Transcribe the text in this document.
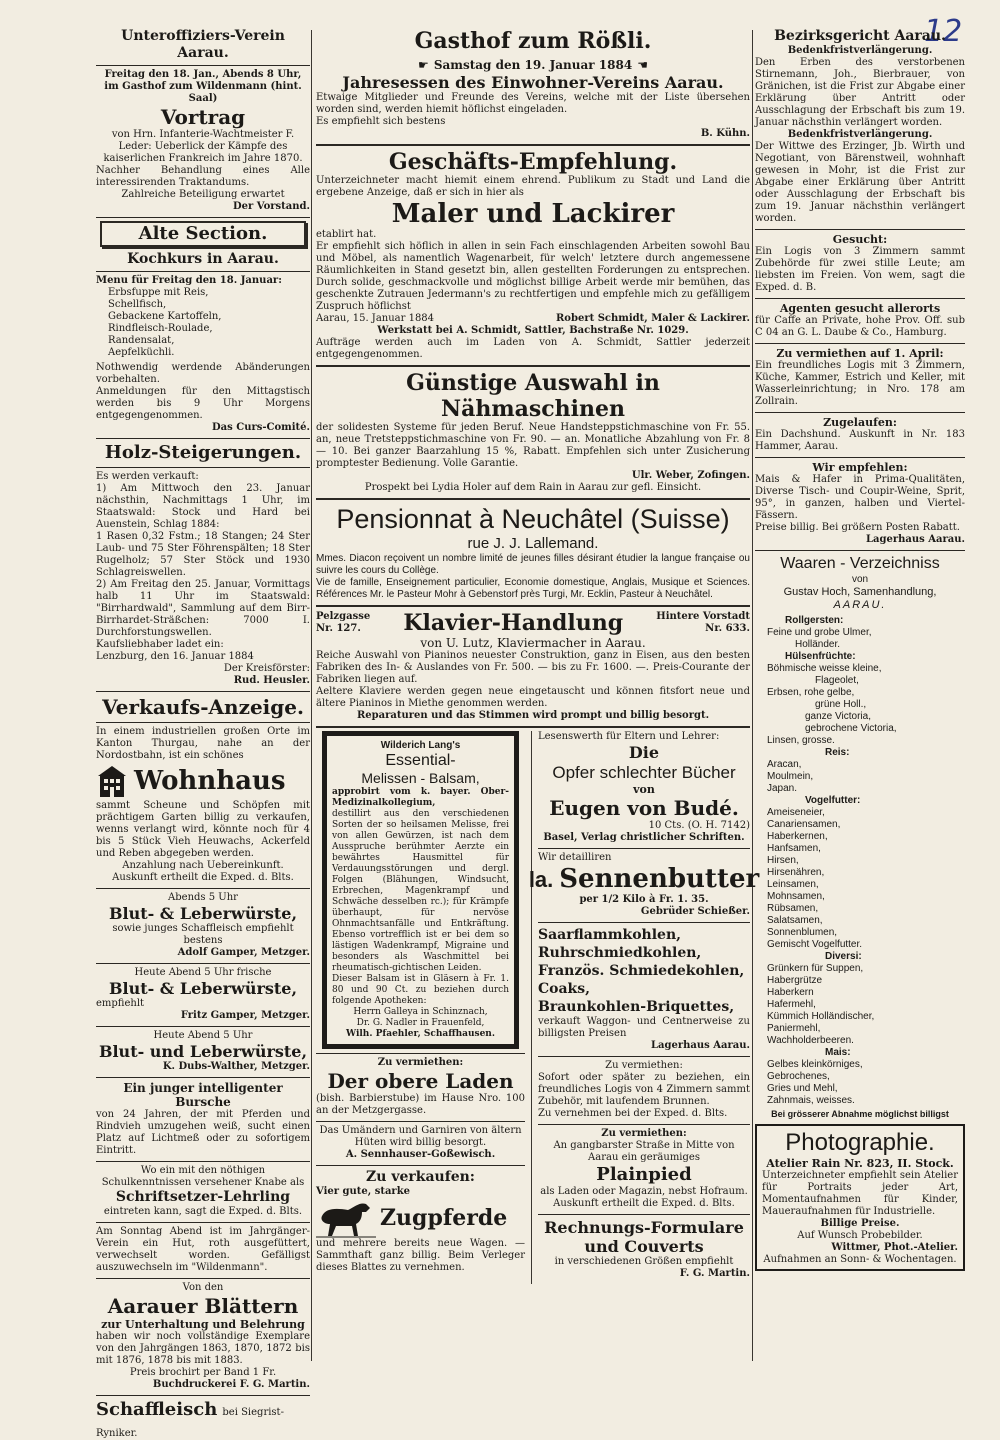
12
Unteroffiziers-Verein Aarau.
Freitag den 18. Jan., Abends 8 Uhr,
im Gasthof zum Wildenmann (hint. Saal)
Vortrag
von Hrn. Infanterie-Wachtmeister F. Leder: Ueberlick der Kämpfe des kaiserlichen Frankreich im Jahre 1870.
Nachher Behandlung eines Alle interessirenden Traktandums.
Zahlreiche Beteiligung erwartet
Der Vorstand.
Alte Section.
Kochkurs in Aarau.
Menu für Freitag den 18. Januar:
Erbsfuppe mit Reis,
Schellfisch,
Gebackene Kartoffeln,
Rindfleisch-Roulade,
Randensalat,
Aepfelküchli.
Nothwendig werdende Abänderungen vorbehalten.
Anmeldungen für den Mittagstisch werden bis 9 Uhr Morgens entgegengenommen.
Das Curs-Comité.
Holz-Steigerungen.
Es werden verkauft:
1) Am Mittwoch den 23. Januar nächsthin, Nachmittags 1 Uhr, im Staatswald: Stock und Hard bei Auenstein, Schlag 1884:
1 Rasen 0,32 Fstm.; 18 Stangen; 24 Ster Laub- und 75 Ster Föhrenspälten; 18 Ster Rugelholz; 57 Ster Stöck und 1930 Schlagreiswellen.
2) Am Freitag den 25. Januar, Vormittags halb 11 Uhr im Staatswald: "Birrhardwald", Sammlung auf dem Birr-Birrhardet-Sträßchen: 7000 I. Durchforstungswellen.
Kaufsliebhaber ladet ein:
Lenzburg, den 16. Januar 1884
Der Kreisförster:
Rud. Heusler.
Verkaufs-Anzeige.
In einem industriellen großen Orte im Kanton Thurgau, nahe an der Nordostbahn, ist ein schönes
Wohnhaus
sammt Scheune und Schöpfen mit prächtigem Garten billig zu verkaufen, wenns verlangt wird, könnte noch für 4 bis 5 Stück Vieh Heuwachs, Ackerfeld und Reben abgegeben werden.
Anzahlung nach Uebereinkunft.
Auskunft ertheilt die Exped. d. Blts.
Abends 5 Uhr
Blut- & Leberwürste,
sowie junges Schaffleisch empfiehlt bestens
Adolf Gamper, Metzger.
Heute Abend 5 Uhr frische
Blut- & Leberwürste,
empfiehlt
Fritz Gamper, Metzger.
Heute Abend 5 Uhr
Blut- und Leberwürste,
K. Dubs-Walther, Metzger.
Ein junger intelligenter Bursche
von 24 Jahren, der mit Pferden und Rindvieh umzugehen weiß, sucht einen Platz auf Lichtmeß oder zu sofortigem Eintritt.
Wo ein mit den nöthigen Schulkenntnissen versehener Knabe als
Schriftsetzer-Lehrling
eintreten kann, sagt die Exped. d. Blts.
Am Sonntag Abend ist im Jahrgänger-Verein ein Hut, roth ausgefüttert, verwechselt worden. Gefälligst auszuwechseln im "Wildenmann".
Von den
Aarauer Blättern
zur Unterhaltung und Belehrung
haben wir noch vollständige Exemplare von den Jahrgängen 1863, 1870, 1872 bis mit 1876, 1878 bis mit 1883.
Preis brochirt per Band 1 Fr.
Buchdruckerei F. G. Martin.
Schaffleisch bei Siegrist-Ryniker.
Gasthof zum Rößli.
☛ Samstag den 19. Januar 1884 ☚
Jahresessen des Einwohner-Vereins Aarau.
Etwaige Mitglieder und Freunde des Vereins, welche mit der Liste übersehen worden sind, werden hiemit höflichst eingeladen.
Es empfiehlt sich bestens
B. Kühn.
Geschäfts-Empfehlung.
Unterzeichneter macht hiemit einem ehrend. Publikum zu Stadt und Land die ergebene Anzeige, daß er sich in hier als
Maler und Lackirer
etablirt hat.
Er empfiehlt sich höflich in allen in sein Fach einschlagenden Arbeiten sowohl Bau und Möbel, als namentlich Wagenarbeit, für welch' letztere durch angemessene Räumlichkeiten in Stand gesetzt bin, allen gestellten Forderungen zu entsprechen. Durch solide, geschmackvolle und möglichst billige Arbeit werde mir bemühen, das geschenkte Zutrauen Jedermann's zu rechtfertigen und empfehle mich zu gefälligem Zuspruch höflichst
Aarau, 15. Januar 1884	Robert Schmidt, Maler & Lackirer.
Werkstatt bei A. Schmidt, Sattler, Bachstraße Nr. 1029.
Aufträge werden auch im Laden von A. Schmidt, Sattler jederzeit entgegengenommen.
Günstige Auswahl in Nähmaschinen
der solidesten Systeme für jeden Beruf. Neue Handsteppstichmaschine von Fr. 55. an, neue Tretsteppstichmaschine von Fr. 90. — an. Monatliche Abzahlung von Fr. 8 — 10. Bei ganzer Baarzahlung 15 %, Rabatt. Empfehlen sich unter Zusicherung promptester Bedienung. Volle Garantie.
Ulr. Weber, Zofingen.
Prospekt bei Lydia Holer auf dem Rain in Aarau zur gefl. Einsicht.
Pensionnat à Neuchâtel (Suisse)
rue J. J. Lallemand.
Mmes. Diacon reçoivent un nombre limité de jeunes filles désirant étudier la langue française ou suivre les cours du Collège.
Vie de famille, Enseignement particulier, Economie domestique, Anglais, Musique et Sciences. Références Mr. le Pasteur Mohr à Gebenstorf près Turgi, Mr. Ecklin, Pasteur à Neuchâtel.
Pelzgasse
Nr. 127.	Klavier-Handlung	Hintere Vorstadt
Nr. 633.
von U. Lutz, Klaviermacher in Aarau.
Reiche Auswahl von Pianinos neuester Construktion, ganz in Eisen, aus den besten Fabriken des In- & Auslandes von Fr. 500. — bis zu Fr. 1600. —. Preis-Courante der Fabriken liegen auf.
Aeltere Klaviere werden gegen neue eingetauscht und können fitsfort neue und ältere Pianinos in Miethe genommen werden.
Reparaturen und das Stimmen wird prompt und billig besorgt.
Wilderich Lang's
Essential-
Melissen - Balsam,
approbirt vom k. bayer. Ober-Medizinalkollegium,
destillirt aus den verschiedenen Sorten der so heilsamen Melisse, frei von allen Gewürzen, ist nach dem Ausspruche berühmter Aerzte ein bewährtes Hausmittel für Verdauungsstörungen und dergl. Folgen (Blähungen, Windsucht, Erbrechen, Magenkrampf und Schwäche desselben rc.); für Krämpfe überhaupt, für nervöse Ohnmachtsanfälle und Entkräftung. Ebenso vortrefflich ist er bei dem so lästigen Wadenkrampf, Migraine und besonders als Waschmittel bei rheumatisch-gichtischen Leiden.
Dieser Balsam ist in Gläsern à Fr. 1. 80 und 90 Ct. zu beziehen durch folgende Apotheken:
Herrn Galleya in Schinznach,
Dr. G. Nadler in Frauenfeld,
Wilh. Pfaehler, Schaffhausen.
Zu vermiethen:
Der obere Laden
(bish. Barbierstube) im Hause Nro. 100 an der Metzgergasse.
Das Umändern und Garniren von ältern Hüten wird billig besorgt.
A. Sennhauser-Goßewisch.
Zu verkaufen:
Vier gute, starke
Zugpferde
und mehrere bereits neue Wagen. — Sammthaft ganz billig. Beim Verleger dieses Blattes zu vernehmen.
Lesenswerth für Eltern und Lehrer:
Die
Opfer schlechter Bücher
von
Eugen von Budé.
10 Cts. (O. H. 7142)
Basel, Verlag christlicher Schriften.
Wir detailliren
la. Sennenbutter
per 1/2 Kilo à Fr. 1. 35.
Gebrüder Schießer.
Saarflammkohlen,
Ruhrschmiedkohlen,
Französ. Schmiedekohlen,
Coaks,
Braunkohlen-Briquettes,
verkauft Waggon- und Centnerweise zu billigsten Preisen
Lagerhaus Aarau.
Zu vermiethen:
Sofort oder später zu beziehen, ein freundliches Logis von 4 Zimmern sammt Zubehör, mit laufendem Brunnen.
Zu vernehmen bei der Exped. d. Blts.
Zu vermiethen:
An gangbarster Straße in Mitte von Aarau ein geräumiges
Plainpied
als Laden oder Magazin, nebst Hofraum. Auskunft ertheilt die Exped. d. Blts.
Rechnungs-Formulare
und Couverts
in verschiedenen Größen empfiehlt
F. G. Martin.
Bezirksgericht Aarau.
Bedenkfristverlängerung.
Den Erben des verstorbenen Stirnemann, Joh., Bierbrauer, von Gränichen, ist die Frist zur Abgabe einer Erklärung über Antritt oder Ausschlagung der Erbschaft bis zum 19. Januar nächsthin verlängert worden.
Bedenkfristverlängerung.
Der Wittwe des Erzinger, Jb. Wirth und Negotiant, von Bärenstweil, wohnhaft gewesen in Mohr, ist die Frist zur Abgabe einer Erklärung über Antritt oder Ausschlagung der Erbschaft bis zum 19. Januar nächsthin verlängert worden.
Gesucht:
Ein Logis von 3 Zimmern sammt Zubehörde für zwei stille Leute; am liebsten im Freien. Von wem, sagt die Exped. d. B.
Agenten gesucht allerorts
für Caffe an Private, hohe Prov. Off. sub C 04 an G. L. Daube & Co., Hamburg.
Zu vermiethen auf 1. April:
Ein freundliches Logis mit 3 Zimmern, Küche, Kammer, Estrich und Keller, mit Wasserleinrichtung; in Nro. 178 am Zollrain.
Zugelaufen:
Ein Dachshund. Auskunft in Nr. 183 Hammer, Aarau.
Wir empfehlen:
Mais & Hafer in Prima-Qualitäten, Diverse Tisch- und Coupir-Weine, Sprit, 95°, in ganzen, halben und Viertel-Fässern.
Preise billig. Bei größern Posten Rabatt.
Lagerhaus Aarau.
Waaren - Verzeichniss
von
Gustav Hoch, Samenhandlung,
AARAU.
Rollgersten:
Feine und grobe Ulmer,
Holländer.
Hülsenfrüchte:
Böhmische weisse kleine,
Flageolet,
Erbsen, rohe gelbe,
grüne Holl.,
ganze Victoria,
gebrochene Victoria,
Linsen, grosse.
Reis:
Aracan,
Moulmein,
Japan.
Vogelfutter:
Ameiseneier,
Canariensamen,
Haberkernen,
Hanfsamen,
Hirsen,
Hirsenähren,
Leinsamen,
Mohnsamen,
Rübsamen,
Salatsamen,
Sonnenblumen,
Gemischt Vogelfutter.
Diversi:
Grünkern für Suppen,
Habergrütze
Haberkern
Hafermehl,
Kümmich Holländischer,
Paniermehl,
Wachholderbeeren.
Mais:
Gelbes kleinkörniges,
Gebrochenes,
Gries und Mehl,
Zahnmais, weisses.
Bei grösserer Abnahme möglichst billigst
Photographie.
Atelier Rain Nr. 823, II. Stock.
Unterzeichneter empfiehlt sein Atelier für Portraits jeder Art, Momentaufnahmen für Kinder, Maueraufnahmen für Industrielle.
Billige Preise.
Auf Wunsch Probebilder.
Wittmer, Phot.-Atelier.
Aufnahmen an Sonn- & Wochentagen.
